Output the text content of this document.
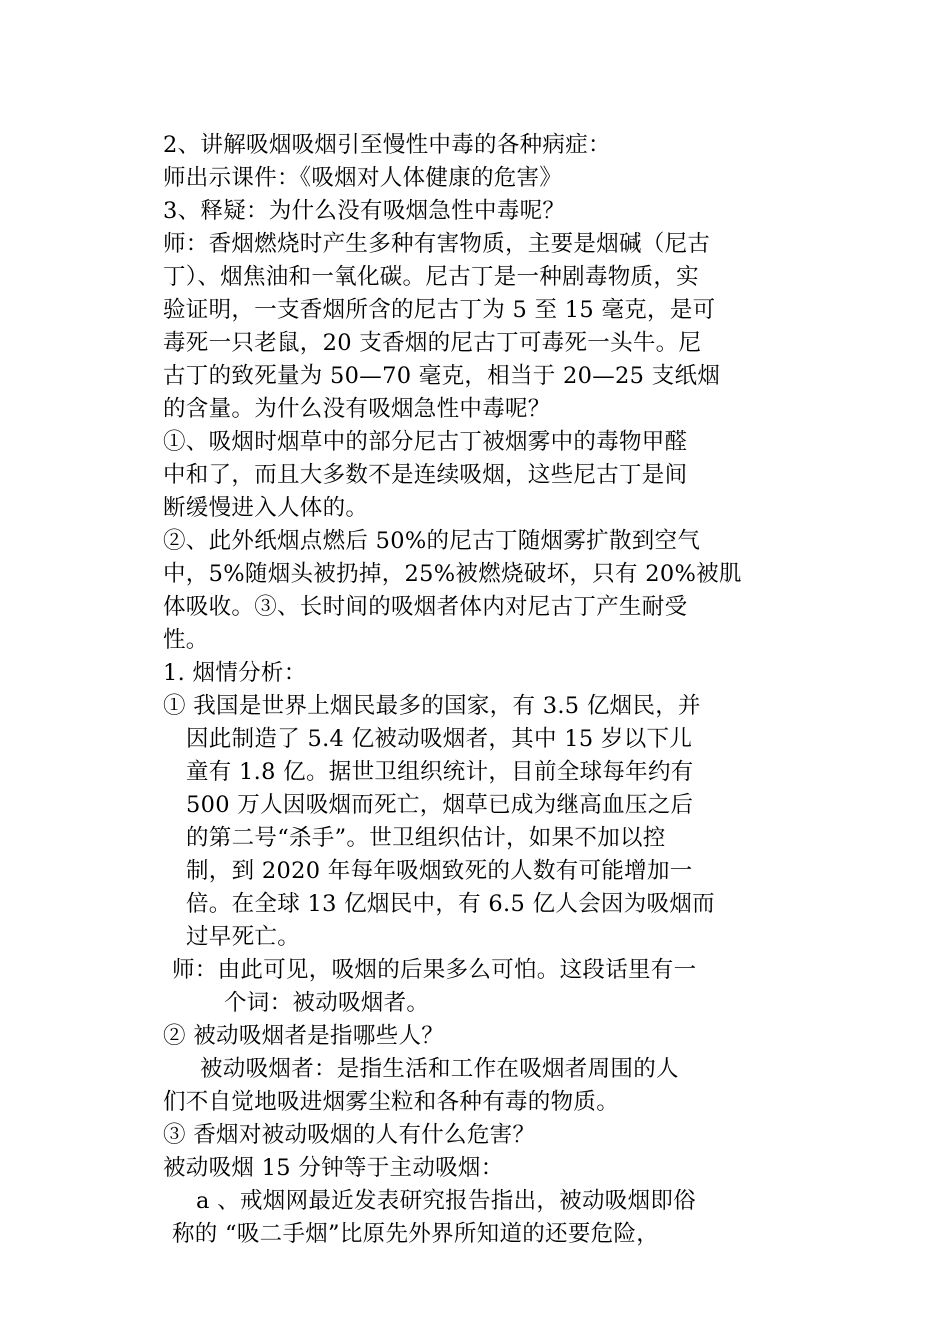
2、讲解吸烟吸烟引至慢性中毒的各种病症：
师出示课件：《吸烟对人体健康的危害》
3、释疑：为什么没有吸烟急性中毒呢？
师：香烟燃烧时产生多种有害物质，主要是烟碱（尼古
丁）、烟焦油和一氧化碳。尼古丁是一种剧毒物质，实
验证明，一支香烟所含的尼古丁为 5 至 15 毫克，是可
毒死一只老鼠，20 支香烟的尼古丁可毒死一头牛。尼
古丁的致死量为 50—70 毫克，相当于 20—25 支纸烟
的含量。为什么没有吸烟急性中毒呢？
①、吸烟时烟草中的部分尼古丁被烟雾中的毒物甲醛
中和了，而且大多数不是连续吸烟，这些尼古丁是间
断缓慢进入人体的。
②、此外纸烟点燃后 50%的尼古丁随烟雾扩散到空气
中，5%随烟头被扔掉，25%被燃烧破坏，只有 20%被肌
体吸收。③、长时间的吸烟者体内对尼古丁产生耐受
性。
1. 烟情分析：
① 我国是世界上烟民最多的国家，有 3.5 亿烟民，并
因此制造了 5.4 亿被动吸烟者，其中 15 岁以下儿
童有 1.8 亿。据世卫组织统计，目前全球每年约有
500 万人因吸烟而死亡，烟草已成为继高血压之后
的第二号“杀手”。世卫组织估计，如果不加以控
制，到 2020 年每年吸烟致死的人数有可能增加一
倍。在全球 13 亿烟民中，有 6.5 亿人会因为吸烟而
过早死亡。
师：由此可见，吸烟的后果多么可怕。这段话里有一
个词：被动吸烟者。
② 被动吸烟者是指哪些人？
被动吸烟者：是指生活和工作在吸烟者周围的人
们不自觉地吸进烟雾尘粒和各种有毒的物质。
③ 香烟对被动吸烟的人有什么危害？
被动吸烟 15 分钟等于主动吸烟：
a 、戒烟网最近发表研究报告指出，被动吸烟即俗
称的 “吸二手烟”比原先外界所知道的还要危险，
